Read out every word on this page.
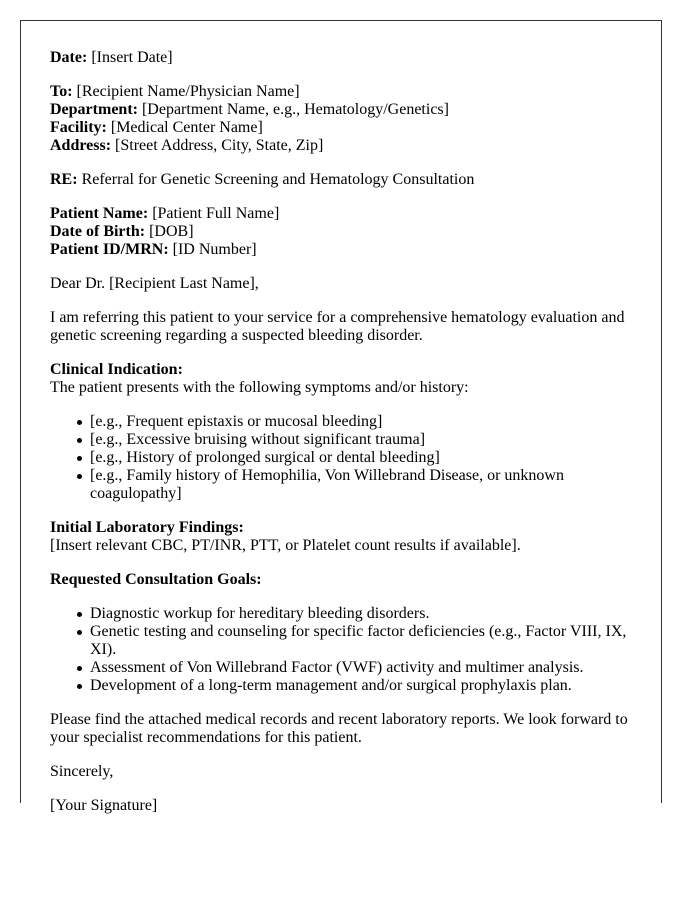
Date: [Insert Date]

To: [Recipient Name/Physician Name]
Department: [Department Name, e.g., Hematology/Genetics]
Facility: [Medical Center Name]
Address: [Street Address, City, State, Zip]

RE: Referral for Genetic Screening and Hematology Consultation

Patient Name: [Patient Full Name]
Date of Birth: [DOB]
Patient ID/MRN: [ID Number]

Dear Dr. [Recipient Last Name],

I am referring this patient to your service for a comprehensive hematology evaluation and genetic screening regarding a suspected bleeding disorder.

Clinical Indication:
The patient presents with the following symptoms and/or history:

[e.g., Frequent epistaxis or mucosal bleeding]
[e.g., Excessive bruising without significant trauma]
[e.g., History of prolonged surgical or dental bleeding]
[e.g., Family history of Hemophilia, Von Willebrand Disease, or unknown coagulopathy]

Initial Laboratory Findings:
[Insert relevant CBC, PT/INR, PTT, or Platelet count results if available].

Requested Consultation Goals:

Diagnostic workup for hereditary bleeding disorders.
Genetic testing and counseling for specific factor deficiencies (e.g., Factor VIII, IX, XI).
Assessment of Von Willebrand Factor (VWF) activity and multimer analysis.
Development of a long-term management and/or surgical prophylaxis plan.

Please find the attached medical records and recent laboratory reports. We look forward to your specialist recommendations for this patient.

Sincerely,

[Your Signature]
